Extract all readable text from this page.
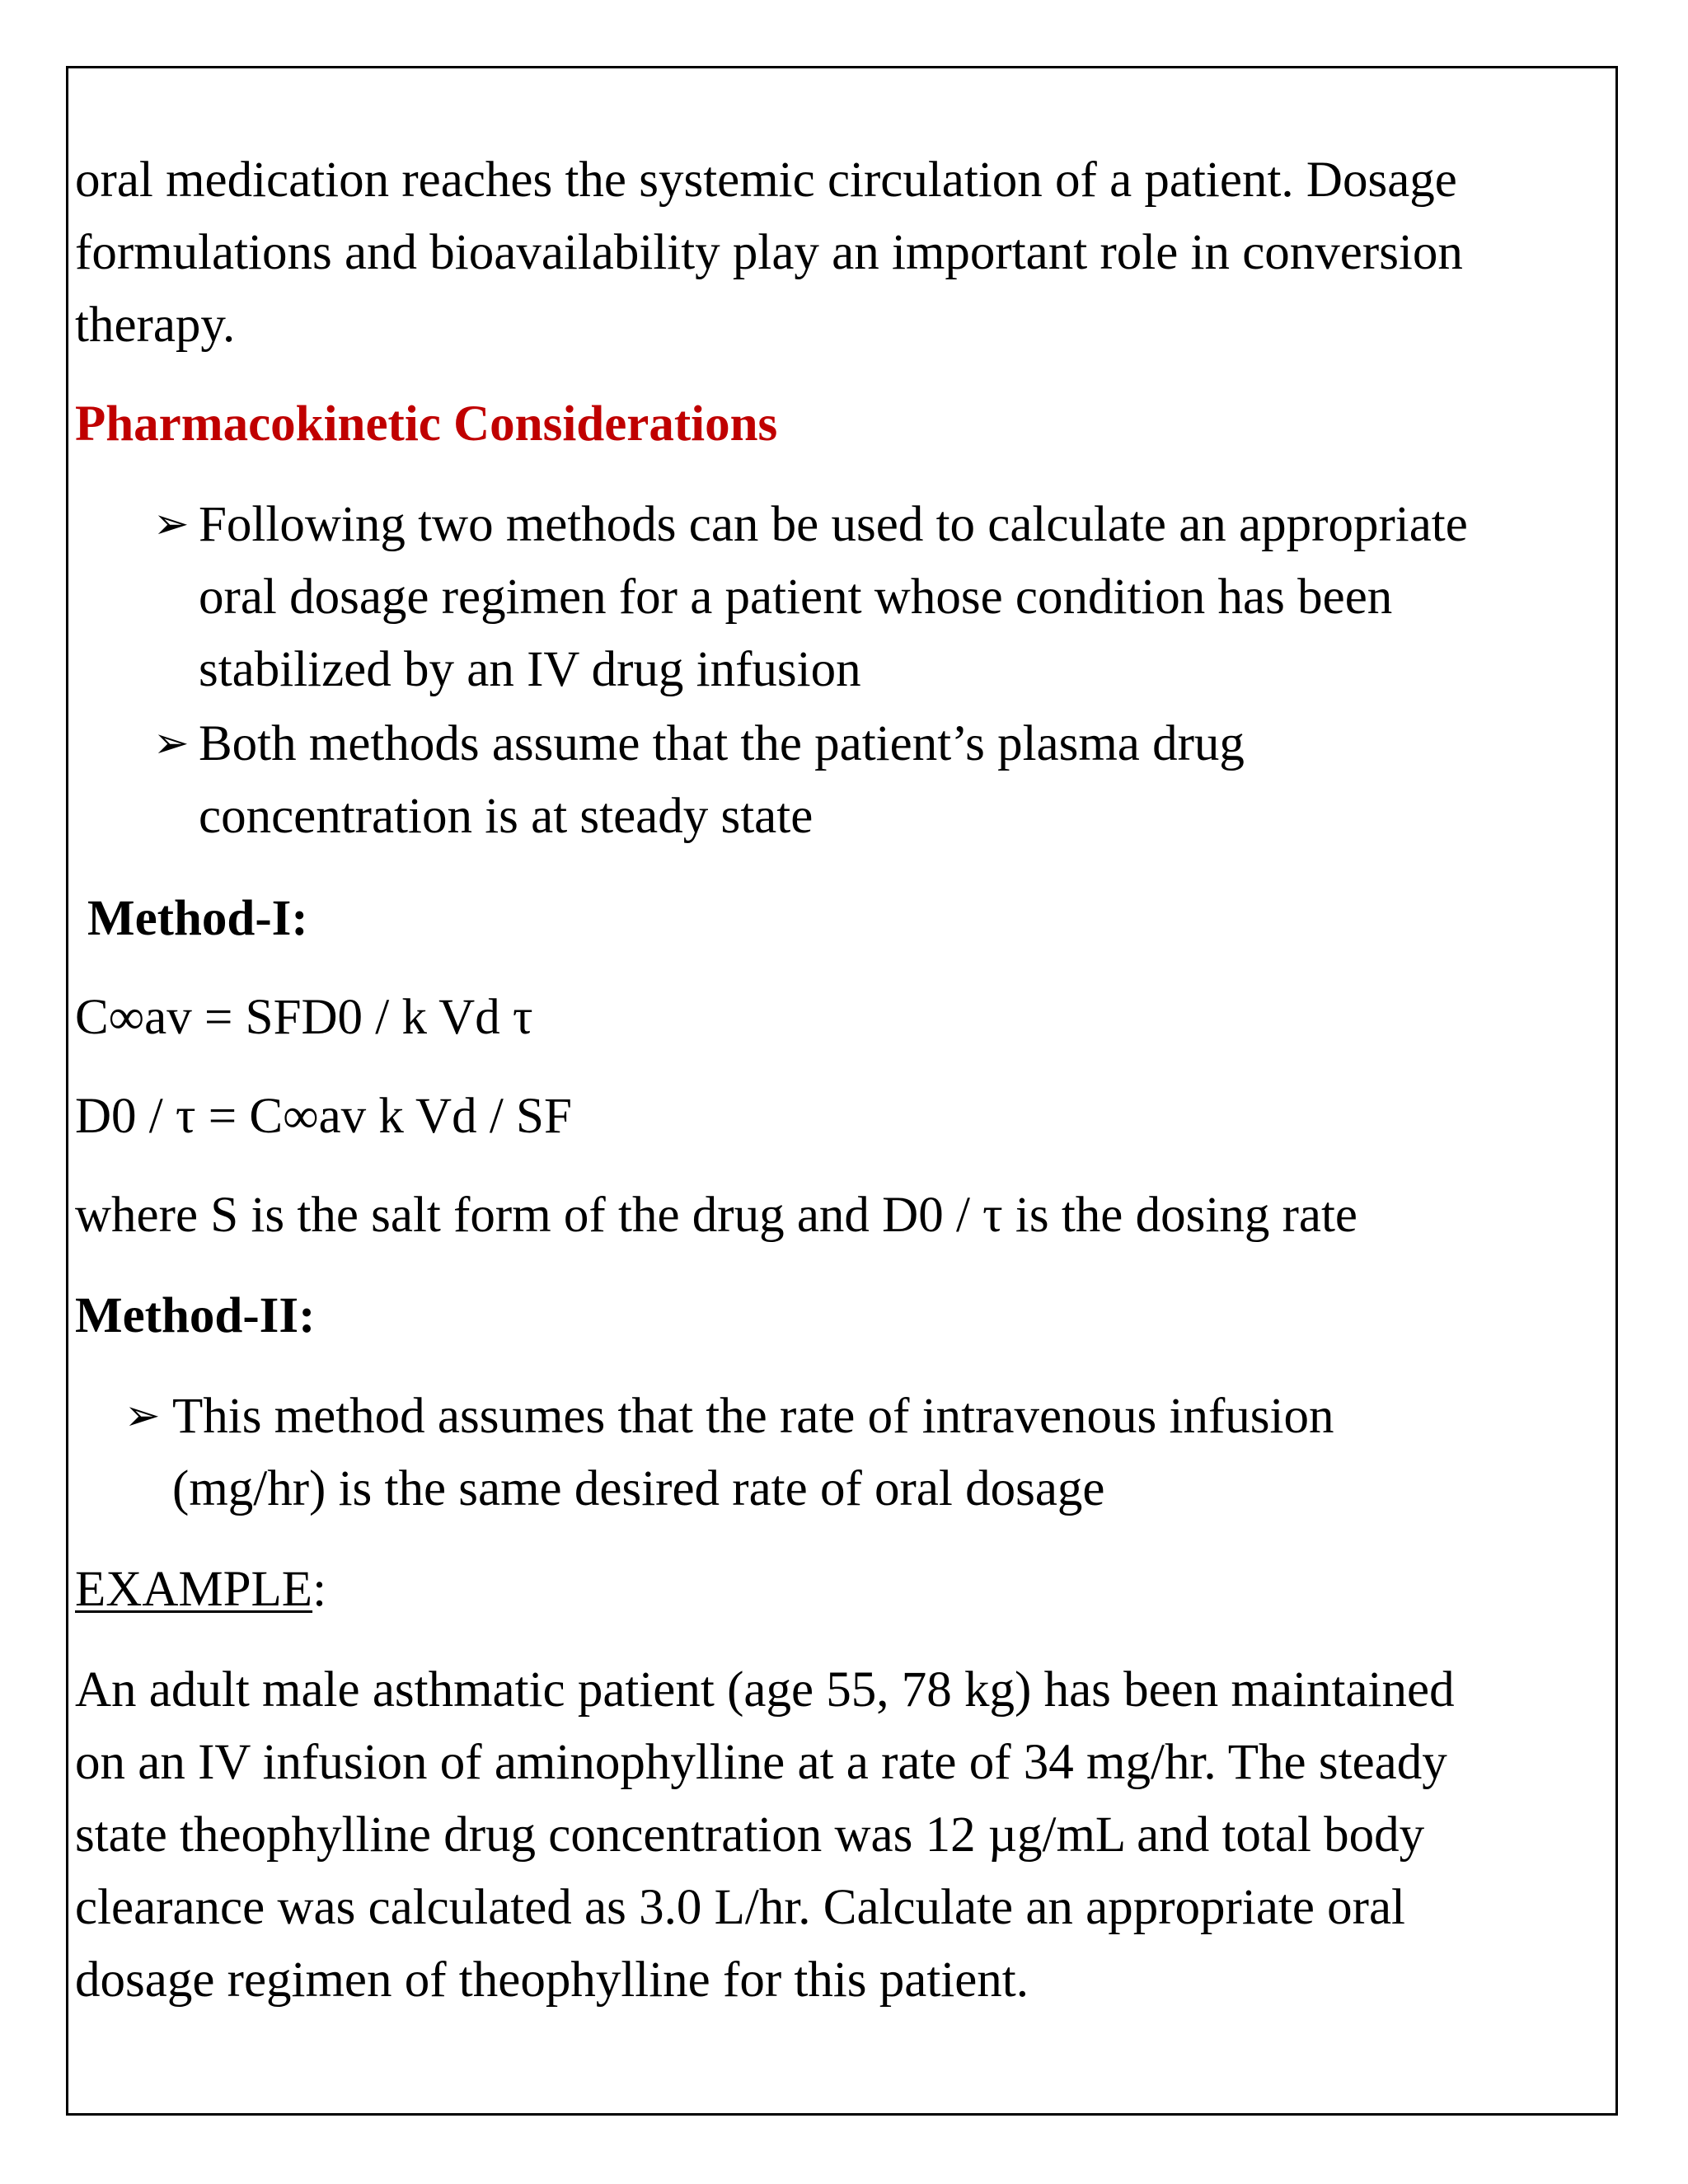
oral medication reaches the systemic circulation of a patient. Dosage
formulations and bioavailability play an important role in conversion
therapy.
Pharmacokinetic Considerations
➢ Following two methods can be used to calculate an appropriate
oral dosage regimen for a patient whose condition has been
stabilized by an IV drug infusion
➢ Both methods assume that the patient’s plasma drug
concentration is at steady state
Method-I:
C∞av = SFD0 / k Vd τ
D0 / τ = C∞av k Vd / SF
where S is the salt form of the drug and D0 / τ is the dosing rate
Method-II:
➢ This method assumes that the rate of intravenous infusion
(mg/hr) is the same desired rate of oral dosage
EXAMPLE:
An adult male asthmatic patient (age 55, 78 kg) has been maintained
on an IV infusion of aminophylline at a rate of 34 mg/hr. The steady
state theophylline drug concentration was 12 µg/mL and total body
clearance was calculated as 3.0 L/hr. Calculate an appropriate oral
dosage regimen of theophylline for this patient.
